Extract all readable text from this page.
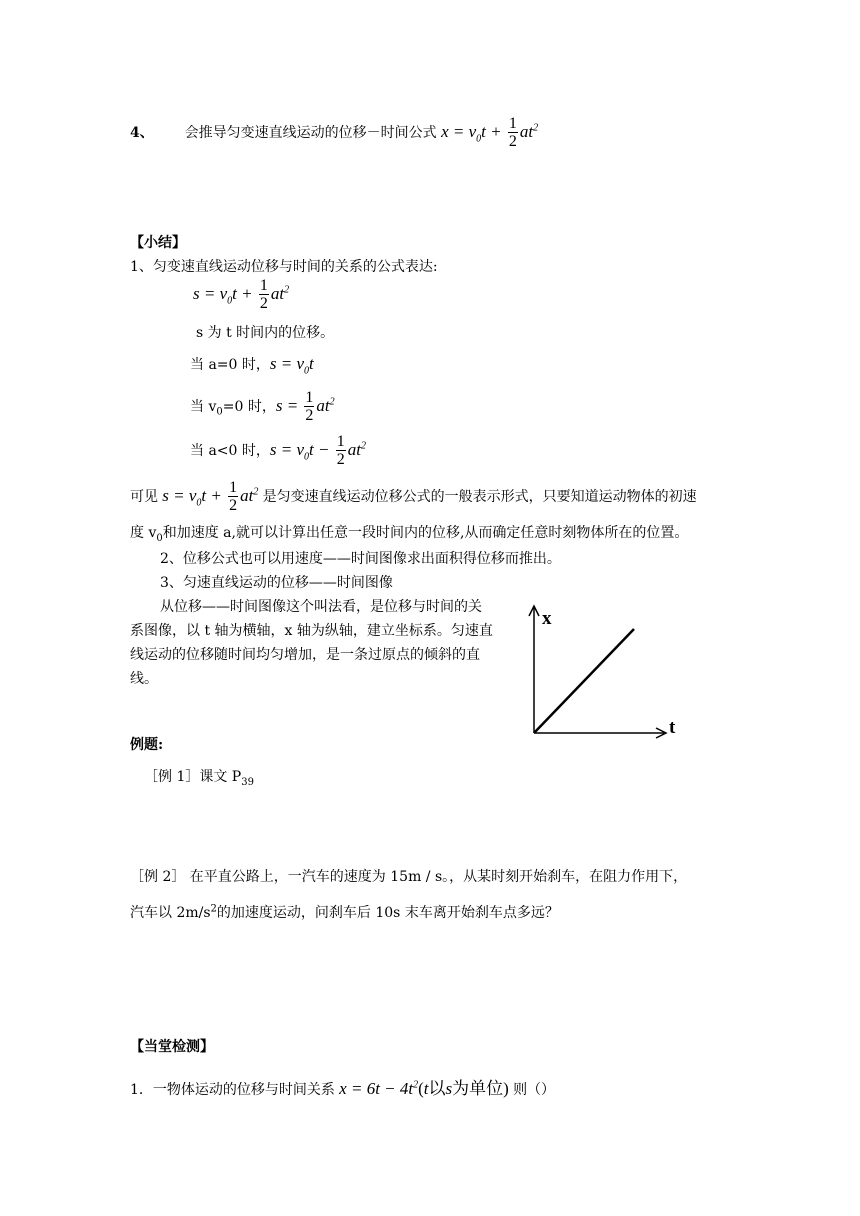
4、 会推导匀变速直线运动的位移－时间公式 $x = v_0t + \frac{1}{2} at^2$
【小结】
1、匀变速直线运动位移与时间的关系的公式表达:
$s = v_0t + \frac{1}{2} at^2$
s 为 t 时间内的位移。
当 a=0 时，$s = v_0t$
当 $v_0=0$ 时，$s = \frac{1}{2} at^2$
当 a<0 时，$s = v_0t - \frac{1}{2} at^2$
可见 $s = v_0t + \frac{1}{2} at^2$ 是匀变速直线运动位移公式的一般表示形式，只要知道运动物体的初速
度 $v_0$和加速度 a,就可以计算出任意一段时间内的位移,从而确定任意时刻物体所在的位置。
2、位移公式也可以用速度——时间图像求出面积得位移而推出。
3、匀速直线运动的位移——时间图像
从位移——时间图像这个叫法看，是位移与时间的关
系图像，以 t 轴为横轴，x 轴为纵轴，建立坐标系。匀速直
线运动的位移随时间均匀增加，是一条过原点的倾斜的直
线。
x
t
例题:
［例 1］课文 $P_{39}$
［例 2］ 在平直公路上，一汽车的速度为 15m / s。，从某时刻开始刹车，在阻力作用下，
汽车以 $2m/s^2$的加速度运动，问刹车后 10s 末车离开始刹车点多远？
【当堂检测】
1．一物体运动的位移与时间关系 $x = 6t - 4t^2(t$以s为单位) 则（）
